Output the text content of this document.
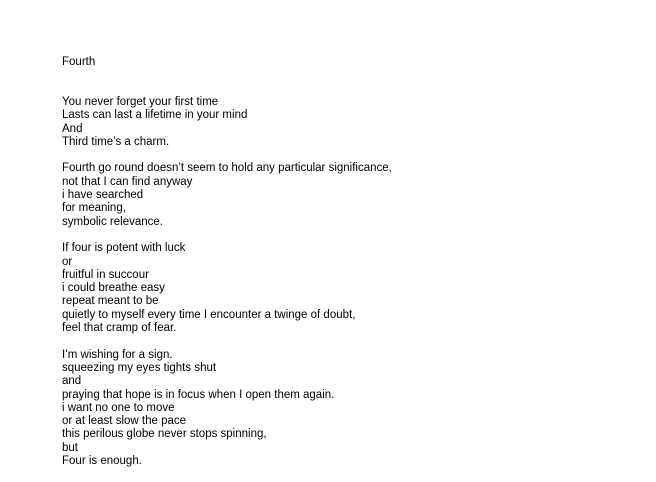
Fourth
You never forget your first time
Lasts can last a lifetime in your mind
And
Third time’s a charm.
Fourth go round doesn’t seem to hold any particular significance,
not that I can find anyway
i have searched
for meaning,
symbolic relevance.
If four is potent with luck
or
fruitful in succour
i could breathe easy
repeat meant to be
quietly to myself every time I encounter a twinge of doubt,
feel that cramp of fear.
I’m wishing for a sign.
squeezing my eyes tights shut
and
praying that hope is in focus when I open them again.
i want no one to move
or at least slow the pace
this perilous globe never stops spinning,
but
Four is enough.
